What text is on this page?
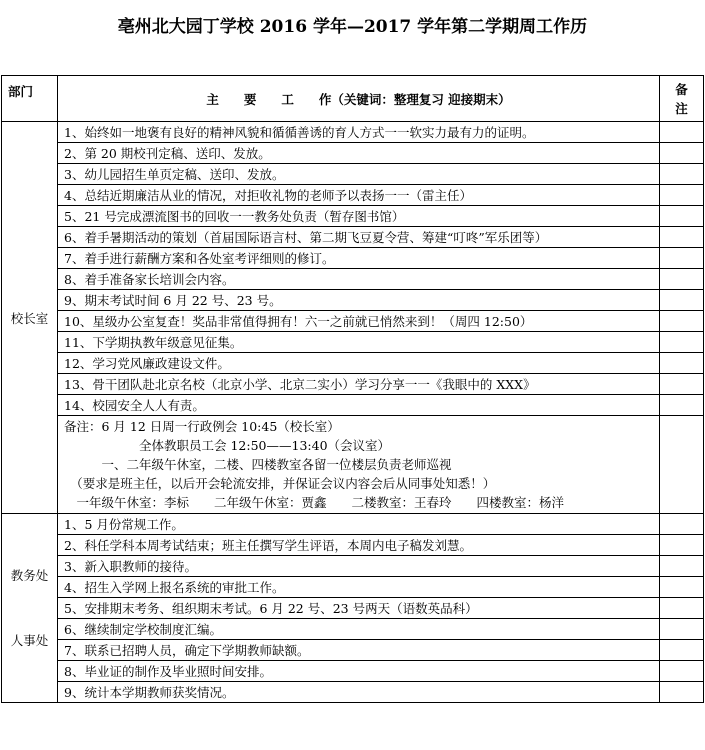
亳州北大园丁学校 2016 学年—2017 学年第二学期周工作历
部门	主　　要　　工　　作（关键词：整理复习 迎接期末）	备
注

校长室	1、始终如一地褒有良好的精神风貌和循循善诱的育人方式一一软实力最有力的证明。	
	2、第 20 期校刊定稿、送印、发放。	
	3、幼儿园招生单页定稿、送印、发放。	
	4、总结近期廉洁从业的情况，对拒收礼物的老师予以表扬一一（雷主任）	
	5、21 号完成漂流图书的回收一一教务处负责（暂存图书馆）	
	6、着手暑期活动的策划（首届国际语言村、第二期飞豆夏令营、筹建“叮咚”军乐团等）	
	7、着手进行薪酬方案和各处室考评细则的修订。	
	8、着手准备家长培训会内容。	
	9、期末考试时间 6 月 22 号、23 号。	
	10、星级办公室复查！奖品非常值得拥有！六一之前就已悄然来到！（周四 12:50）	
	11、下学期执教年级意见征集。	
	12、学习党风廉政建设文件。	
	13、骨干团队赴北京名校（北京小学、北京二实小）学习分享一一《我眼中的 XXX》	
	14、校园安全人人有责。	

	备注：6 月 12 日周一行政例会 10:45（校长室）
　　　　　　全体教职员工会 12:50——13:40（会议室）
　　　一、二年级午休室，二楼、四楼教室各留一位楼层负责老师巡视
　（要求是班主任，以后开会轮流安排，并保证会议内容会后从同事处知悉！）
　一年级午休室：李标　　二年级午休室：贾鑫　　二楼教室：王春玲　　四楼教室：杨洋	

教务处
人事处	1、5 月份常规工作。	
	2、科任学科本周考试结束；班主任撰写学生评语，本周内电子稿发刘慧。	
	3、新入职教师的接待。	
	4、招生入学网上报名系统的审批工作。	
	5、安排期末考务、组织期末考试。6 月 22 号、23 号两天（语数英品科）	
	6、继续制定学校制度汇编。	
	7、联系已招聘人员，确定下学期教师缺额。	
	8、毕业证的制作及毕业照时间安排。	
	9、统计本学期教师获奖情况。	
